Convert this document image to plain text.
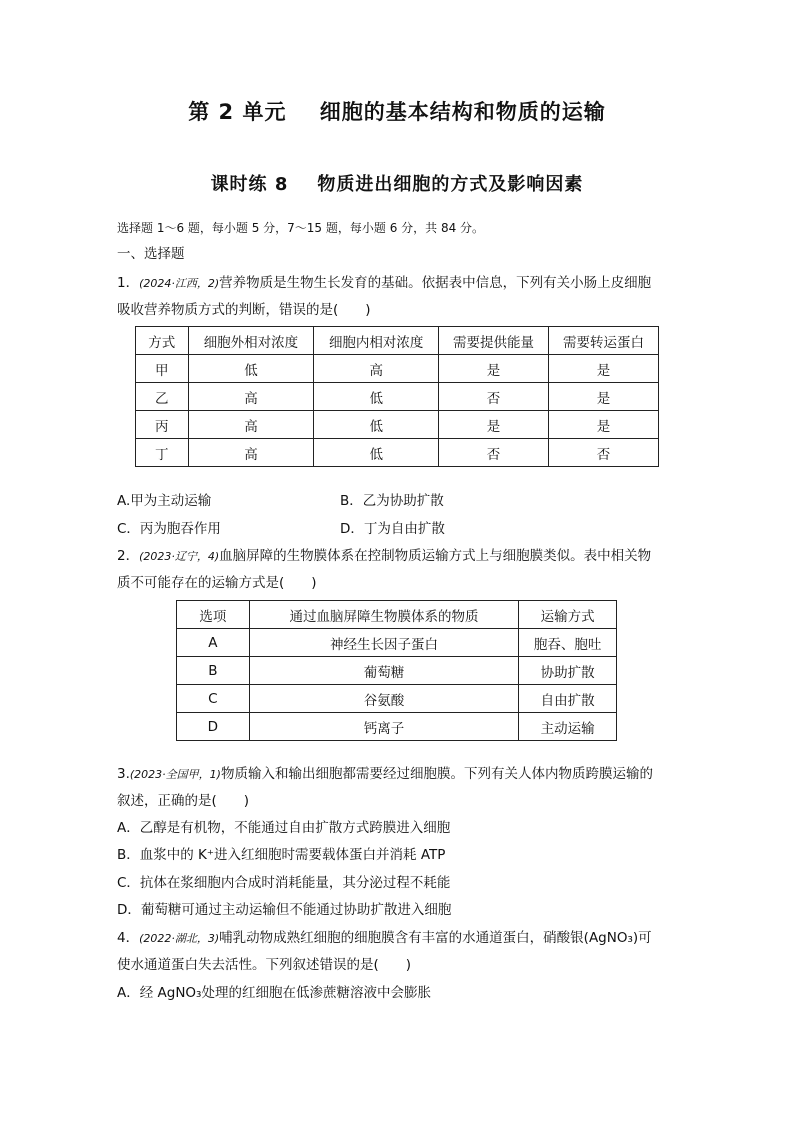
第 2 单元    细胞的基本结构和物质的运输
课时练 8    物质进出细胞的方式及影响因素
选择题 1～6 题，每小题 5 分，7～15 题，每小题 6 分，共 84 分。
一、选择题
1．(2024·江西，2)营养物质是生物生长发育的基础。依据表中信息，下列有关小肠上皮细胞
吸收营养物质方式的判断，错误的是(　　)
方式	细胞外相对浓度	细胞内相对浓度	需要提供能量	需要转运蛋白
甲	低	高	是	是
乙	高	低	否	是
丙	高	低	是	是
丁	高	低	否	否
A.甲为主动运输	B．乙为协助扩散
C．丙为胞吞作用	D．丁为自由扩散
2．(2023·辽宁，4)血脑屏障的生物膜体系在控制物质运输方式上与细胞膜类似。表中相关物
质不可能存在的运输方式是(　　)
选项	通过血脑屏障生物膜体系的物质	运输方式
A	神经生长因子蛋白	胞吞、胞吐
B	葡萄糖	协助扩散
C	谷氨酸	自由扩散
D	钙离子	主动运输
3.(2023·全国甲，1)物质输入和输出细胞都需要经过细胞膜。下列有关人体内物质跨膜运输的
叙述，正确的是(　　)
A．乙醇是有机物，不能通过自由扩散方式跨膜进入细胞
B．血浆中的 K⁺进入红细胞时需要载体蛋白并消耗 ATP
C．抗体在浆细胞内合成时消耗能量，其分泌过程不耗能
D．葡萄糖可通过主动运输但不能通过协助扩散进入细胞
4．(2022·湖北，3)哺乳动物成熟红细胞的细胞膜含有丰富的水通道蛋白，硝酸银(AgNO₃)可
使水通道蛋白失去活性。下列叙述错误的是(　　)
A．经 AgNO₃处理的红细胞在低渗蔗糖溶液中会膨胀
